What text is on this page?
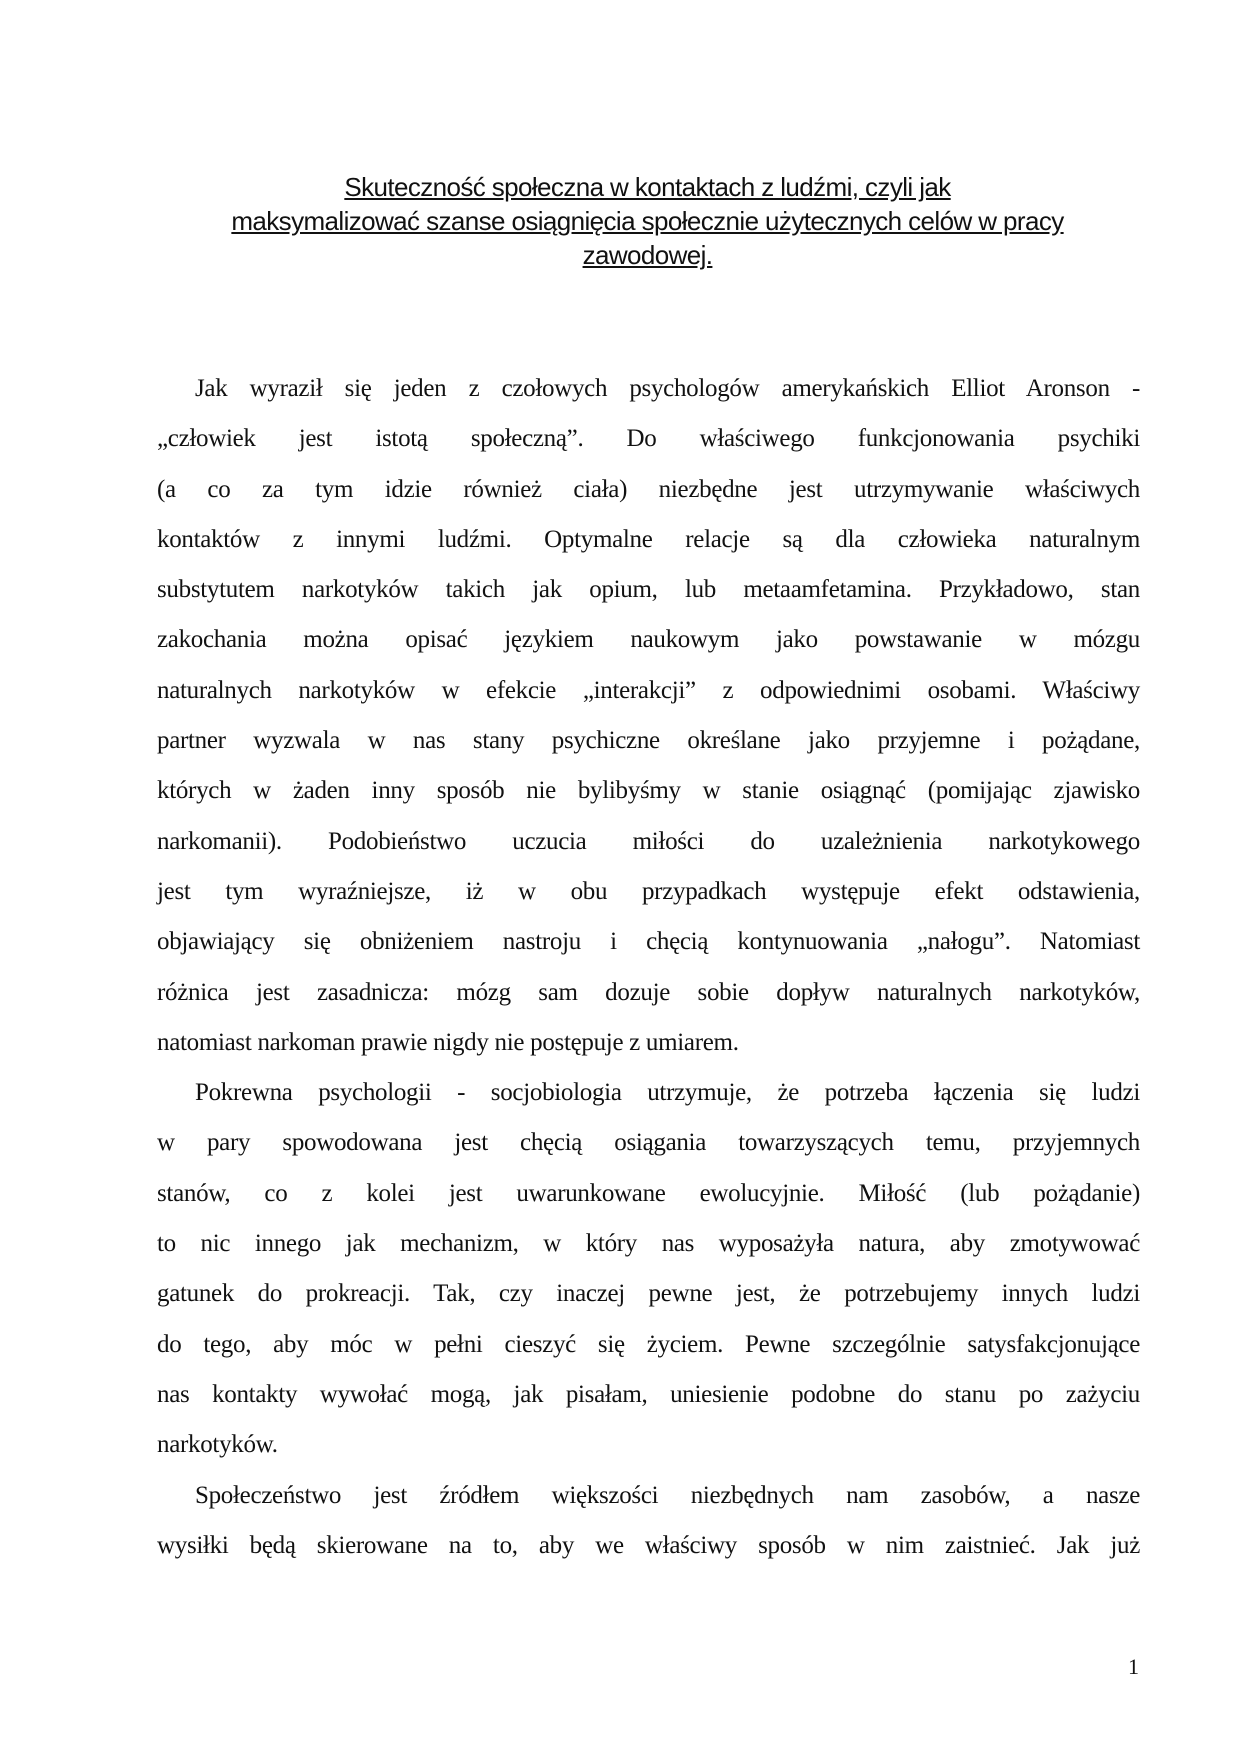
Skuteczność społeczna w kontaktach z ludźmi, czyli jak
maksymalizować szanse osiągnięcia społecznie użytecznych celów w pracy
zawodowej.
Jak wyraził się jeden z czołowych psychologów amerykańskich Elliot Aronson -
„człowiek jest istotą społeczną”. Do właściwego funkcjonowania psychiki
(a co za tym idzie również ciała) niezbędne jest utrzymywanie właściwych
kontaktów z innymi ludźmi. Optymalne relacje są dla człowieka naturalnym
substytutem narkotyków takich jak opium, lub metaamfetamina. Przykładowo, stan
zakochania można opisać językiem naukowym jako powstawanie w mózgu
naturalnych narkotyków w efekcie „interakcji” z odpowiednimi osobami. Właściwy
partner wyzwala w nas stany psychiczne określane jako przyjemne i pożądane,
których w żaden inny sposób nie bylibyśmy w stanie osiągnąć (pomijając zjawisko
narkomanii). Podobieństwo uczucia miłości do uzależnienia narkotykowego
jest tym wyraźniejsze, iż w obu przypadkach występuje efekt odstawienia,
objawiający się obniżeniem nastroju i chęcią kontynuowania „nałogu”. Natomiast
różnica jest zasadnicza: mózg sam dozuje sobie dopływ naturalnych narkotyków,
natomiast narkoman prawie nigdy nie postępuje z umiarem.
Pokrewna psychologii - socjobiologia utrzymuje, że potrzeba łączenia się ludzi
w pary spowodowana jest chęcią osiągania towarzyszących temu, przyjemnych
stanów, co z kolei jest uwarunkowane ewolucyjnie. Miłość (lub pożądanie)
to nic innego jak mechanizm, w który nas wyposażyła natura, aby zmotywować
gatunek do prokreacji. Tak, czy inaczej pewne jest, że potrzebujemy innych ludzi
do tego, aby móc w pełni cieszyć się życiem. Pewne szczególnie satysfakcjonujące
nas kontakty wywołać mogą, jak pisałam, uniesienie podobne do stanu po zażyciu
narkotyków.
Społeczeństwo jest źródłem większości niezbędnych nam zasobów, a nasze
wysiłki będą skierowane na to, aby we właściwy sposób w nim zaistnieć. Jak już
1
